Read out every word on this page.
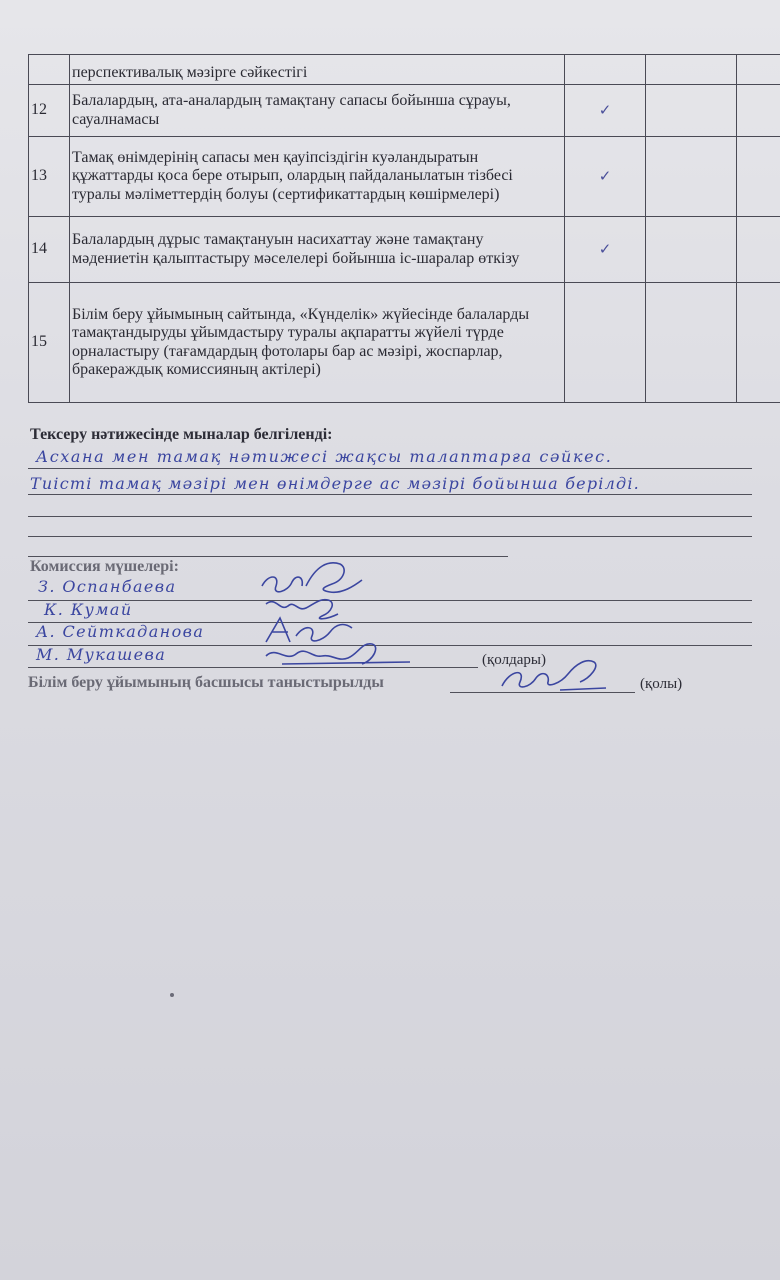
	перспективалық мәзірге сәйкестігі			
12	Балалардың, ата-аналардың тамақтану сапасы бойынша сұрауы, сауалнамасы	✓		
13	Тамақ өнімдерінің сапасы мен қауіпсіздігін куәландыратын құжаттарды қоса бере отырып, олардың пайдаланылатын тізбесі туралы мәліметтердің болуы (сертификаттардың көшірмелері)	✓		
14	Балалардың дұрыс тамақтануын насихаттау және тамақтану мәдениетін қалыптастыру мәселелері бойынша іс-шаралар өткізу	✓		
15	Білім беру ұйымының сайтында, «Күнделік» жүйесінде балаларды тамақтандыруды ұйымдастыру туралы ақпаратты жүйелі түрде орналастыру (тағамдардың фотолары бар ас мәзірі, жоспарлар, бракераждық комиссияның актілері)			
Тексеру нәтижесінде мыналар белгіленді:
Асхана мен тамақ нәтижесі жақсы талаптарға сәйкес.
Тиісті тамақ мәзірі мен өнімдерге ас мәзірі бойынша берілді.
Комиссия мүшелері:
З. Оспанбаева
К. Кумай
А. Сейткаданова
М. Мукашева	(қолдары)
Білім беру ұйымының басшысы таныстырылды	(қолы)
